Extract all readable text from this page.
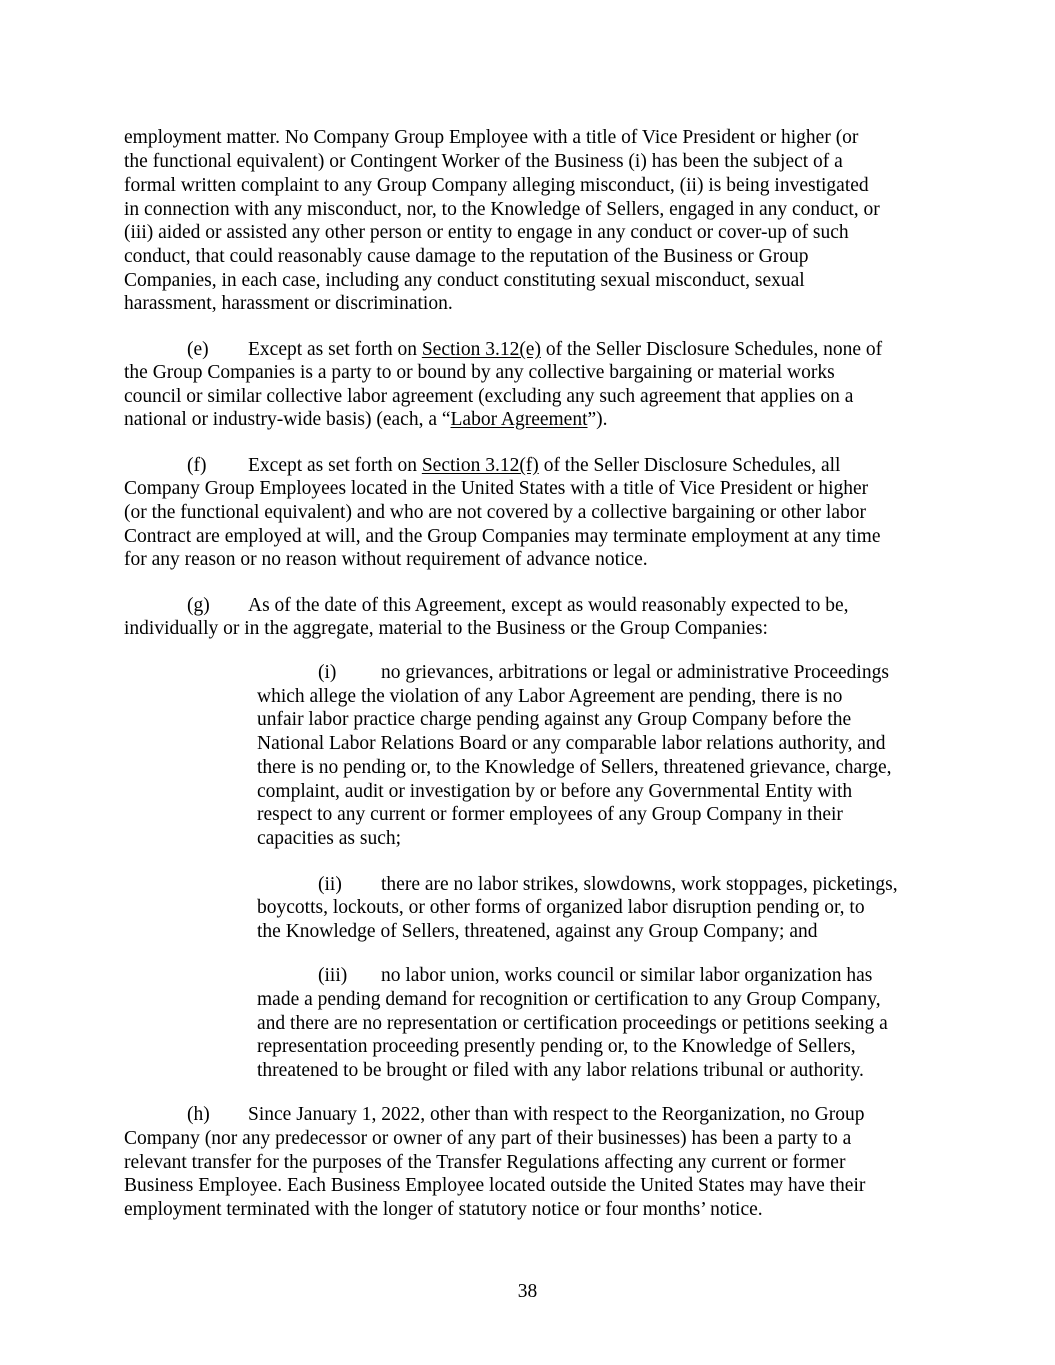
employment matter. No Company Group Employee with a title of Vice President or higher (or
the functional equivalent) or Contingent Worker of the Business (i) has been the subject of a
formal written complaint to any Group Company alleging misconduct, (ii) is being investigated
in connection with any misconduct, nor, to the Knowledge of Sellers, engaged in any conduct, or
(iii) aided or assisted any other person or entity to engage in any conduct or cover-up of such
conduct, that could reasonably cause damage to the reputation of the Business or Group
Companies, in each case, including any conduct constituting sexual misconduct, sexual
harassment, harassment or discrimination.
(e) Except as set forth on Section 3.12(e) of the Seller Disclosure Schedules, none of
the Group Companies is a party to or bound by any collective bargaining or material works
council or similar collective labor agreement (excluding any such agreement that applies on a
national or industry-wide basis) (each, a “Labor Agreement”).
(f) Except as set forth on Section 3.12(f) of the Seller Disclosure Schedules, all
Company Group Employees located in the United States with a title of Vice President or higher
(or the functional equivalent) and who are not covered by a collective bargaining or other labor
Contract are employed at will, and the Group Companies may terminate employment at any time
for any reason or no reason without requirement of advance notice.
(g) As of the date of this Agreement, except as would reasonably expected to be,
individually or in the aggregate, material to the Business or the Group Companies:
(i) no grievances, arbitrations or legal or administrative Proceedings
which allege the violation of any Labor Agreement are pending, there is no
unfair labor practice charge pending against any Group Company before the
National Labor Relations Board or any comparable labor relations authority, and
there is no pending or, to the Knowledge of Sellers, threatened grievance, charge,
complaint, audit or investigation by or before any Governmental Entity with
respect to any current or former employees of any Group Company in their
capacities as such;
(ii) there are no labor strikes, slowdowns, work stoppages, picketings,
boycotts, lockouts, or other forms of organized labor disruption pending or, to
the Knowledge of Sellers, threatened, against any Group Company; and
(iii) no labor union, works council or similar labor organization has
made a pending demand for recognition or certification to any Group Company,
and there are no representation or certification proceedings or petitions seeking a
representation proceeding presently pending or, to the Knowledge of Sellers,
threatened to be brought or filed with any labor relations tribunal or authority.
(h) Since January 1, 2022, other than with respect to the Reorganization, no Group
Company (nor any predecessor or owner of any part of their businesses) has been a party to a
relevant transfer for the purposes of the Transfer Regulations affecting any current or former
Business Employee. Each Business Employee located outside the United States may have their
employment terminated with the longer of statutory notice or four months’ notice.
38
